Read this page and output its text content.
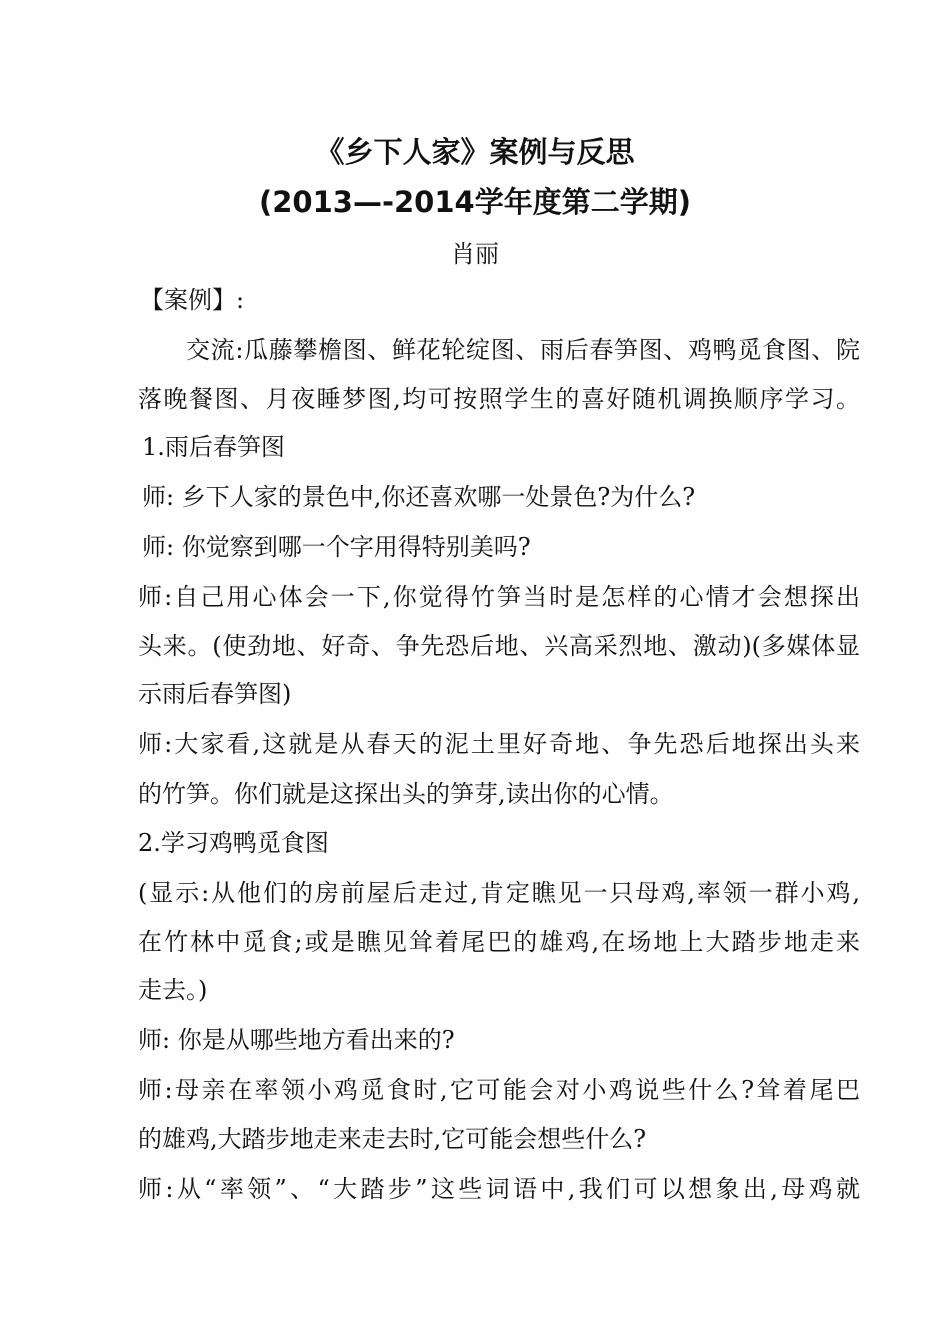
《乡下人家》案例与反思
(2013—-2014学年度第二学期)
肖丽
【案例】:
交流:瓜藤攀檐图、鲜花轮绽图、雨后春笋图、鸡鸭觅食图、院
落晚餐图、月夜睡梦图,均可按照学生的喜好随机调换顺序学习。
1.雨后春笋图
师: 乡下人家的景色中,你还喜欢哪一处景色?为什么?
师: 你觉察到哪一个字用得特别美吗?
师:自己用心体会一下,你觉得竹笋当时是怎样的心情才会想探出
头来。(使劲地、好奇、争先恐后地、兴高采烈地、激动)(多媒体显
示雨后春笋图)
师:大家看,这就是从春天的泥土里好奇地、争先恐后地探出头来
的竹笋。你们就是这探出头的笋芽,读出你的心情。
2.学习鸡鸭觅食图
(显示:从他们的房前屋后走过,肯定瞧见一只母鸡,率领一群小鸡,
在竹林中觅食;或是瞧见耸着尾巴的雄鸡,在场地上大踏步地走来
走去。)
师: 你是从哪些地方看出来的?
师:母亲在率领小鸡觅食时,它可能会对小鸡说些什么?耸着尾巴
的雄鸡,大踏步地走来走去时,它可能会想些什么?
师:从“率领”、“大踏步”这些词语中,我们可以想象出,母鸡就
